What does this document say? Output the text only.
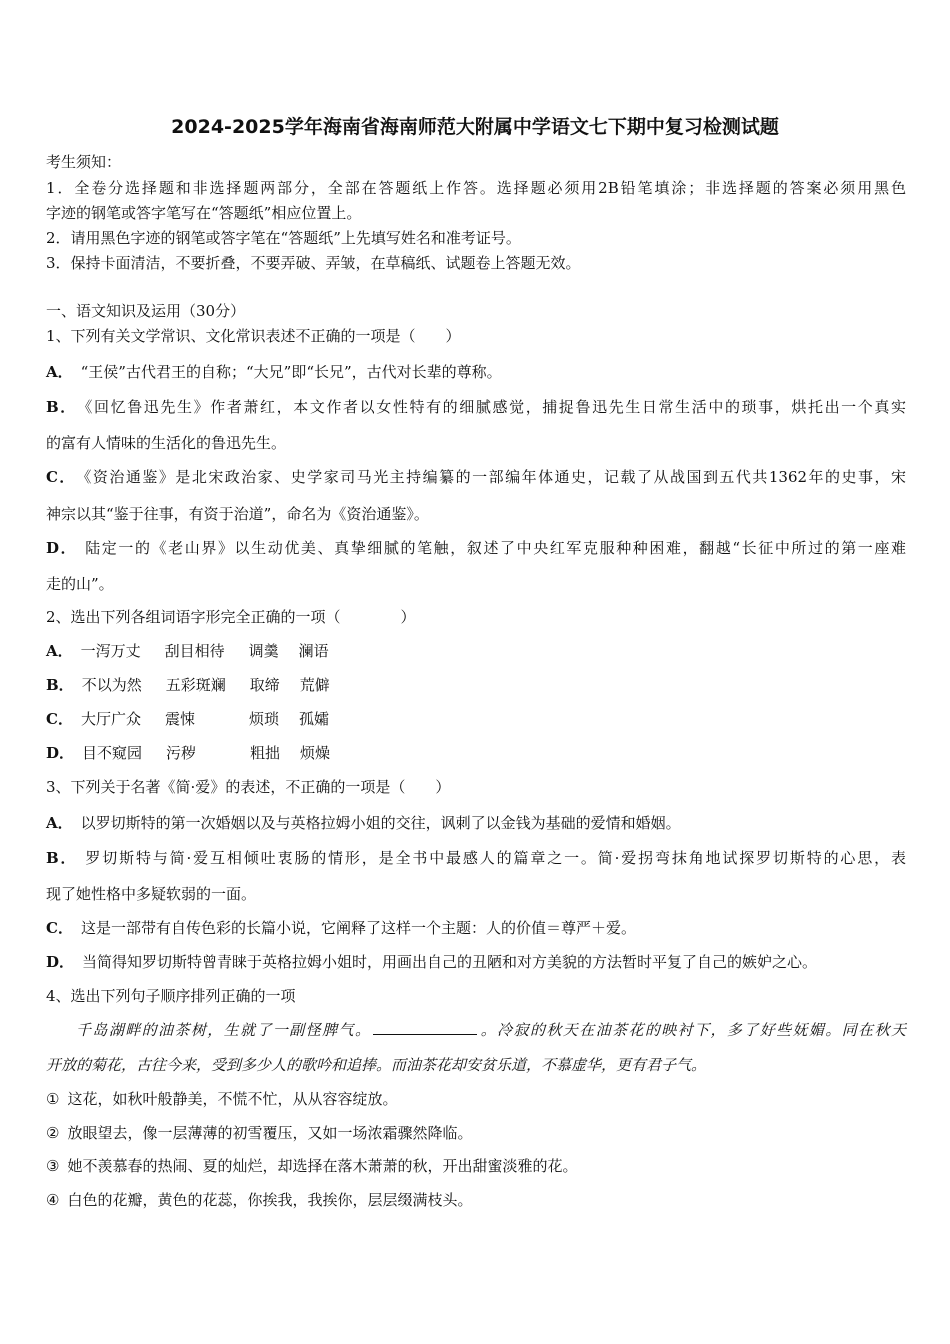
2024-2025学年海南省海南师范大附属中学语文七下期中复习检测试题
考生须知：
1．全卷分选择题和非选择题两部分，全部在答题纸上作答。选择题必须用2B铅笔填涂；非选择题的答案必须用黑色
字迹的钢笔或答字笔写在“答题纸”相应位置上。
2．请用黑色字迹的钢笔或答字笔在“答题纸”上先填写姓名和准考证号。
3．保持卡面清洁，不要折叠，不要弄破、弄皱，在草稿纸、试题卷上答题无效。
一、语文知识及运用（30分）
1、下列有关文学常识、文化常识表述不正确的一项是（　　）
A． “王侯”古代君王的自称；“大兄”即“长兄”，古代对长辈的尊称。
B． 《回忆鲁迅先生》作者萧红，本文作者以女性特有的细腻感觉，捕捉鲁迅先生日常生活中的琐事，烘托出一个真实
的富有人情味的生活化的鲁迅先生。
C． 《资治通鉴》是北宋政治家、史学家司马光主持编纂的一部编年体通史，记载了从战国到五代共1362年的史事，宋
神宗以其“鉴于往事，有资于治道”，命名为《资治通鉴》。
D． 陆定一的《老山界》以生动优美、真挚细腻的笔触，叙述了中央红军克服种种困难，翻越“长征中所过的第一座难
走的山”。
2、选出下列各组词语字形完全正确的一项（　　　　）
A． 一泻万丈 刮目相待 调羹 澜语
B． 不以为然 五彩斑斓 取缔 荒僻
C． 大厅广众 震悚	烦琐 孤孀
D． 目不窥园 污秽	粗拙 烦燥
3、下列关于名著《简·爱》的表述，不正确的一项是（　　）
A． 以罗切斯特的第一次婚姻以及与英格拉姆小姐的交往，讽刺了以金钱为基础的爱情和婚姻。
B． 罗切斯特与简·爱互相倾吐衷肠的情形，是全书中最感人的篇章之一。简·爱拐弯抹角地试探罗切斯特的心思，表
现了她性格中多疑软弱的一面。
C． 这是一部带有自传色彩的长篇小说，它阐释了这样一个主题：人的价值＝尊严＋爱。
D． 当简得知罗切斯特曾青睐于英格拉姆小姐时，用画出自己的丑陋和对方美貌的方法暂时平复了自己的嫉妒之心。
4、选出下列句子顺序排列正确的一项
千岛湖畔的油茶树，生就了一副怪脾气。	。冷寂的秋天在油茶花的映衬下，多了好些妩媚。同在秋天
开放的菊花，古往今来，受到多少人的歌吟和追捧。而油茶花却安贫乐道，不慕虚华，更有君子气。
① 这花，如秋叶般静美，不慌不忙，从从容容绽放。
② 放眼望去，像一层薄薄的初雪覆压，又如一场浓霜骤然降临。
③ 她不羡慕春的热闹、夏的灿烂，却选择在落木萧萧的秋，开出甜蜜淡雅的花。
④ 白色的花瓣，黄色的花蕊，你挨我，我挨你，层层缀满枝头。
